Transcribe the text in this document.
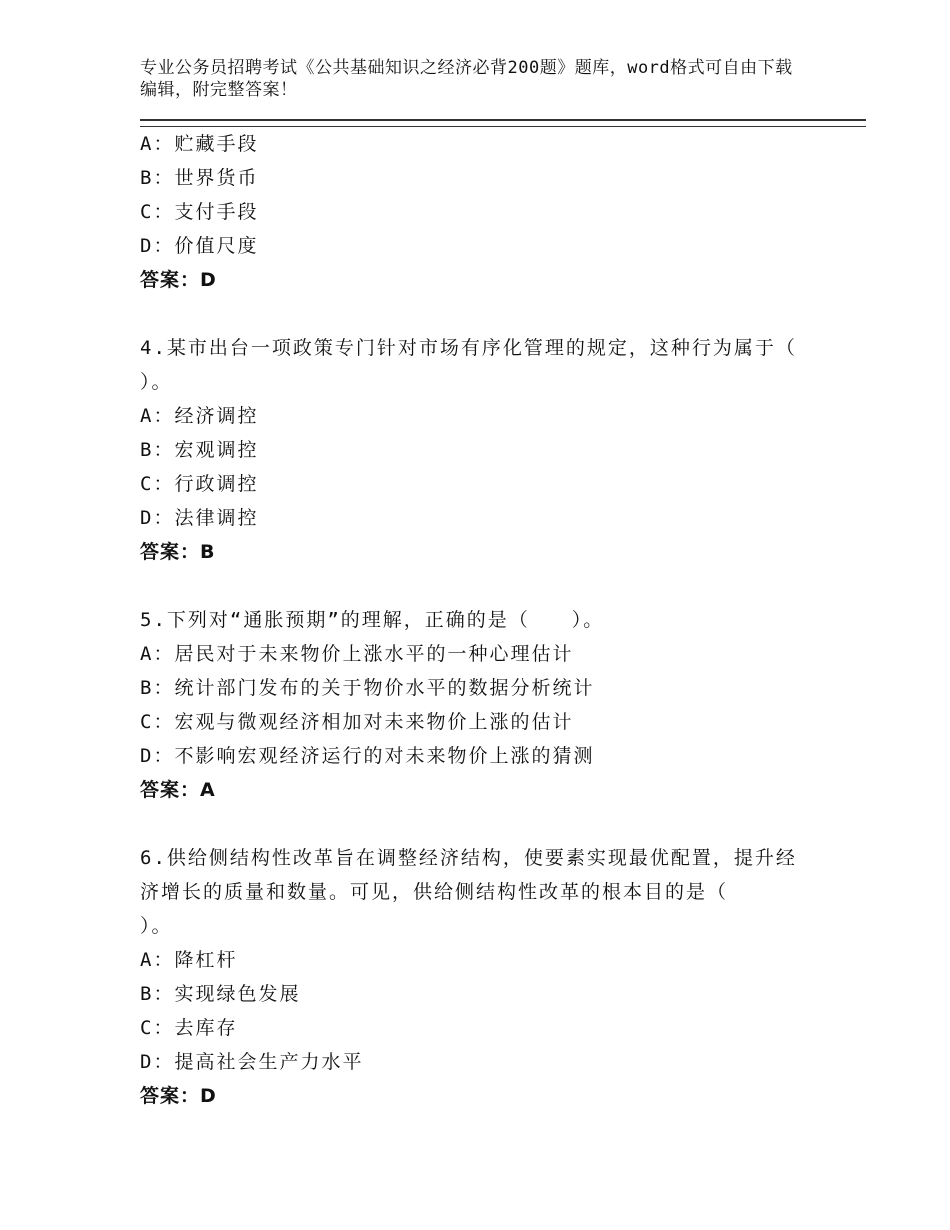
专业公务员招聘考试《公共基础知识之经济必背200题》题库，word格式可自由下载编辑，附完整答案！
A：贮藏手段
B：世界货币
C：支付手段
D：价值尺度
答案：D
4.某市出台一项政策专门针对市场有序化管理的规定，这种行为属于（　　）。
A：经济调控
B：宏观调控
C：行政调控
D：法律调控
答案：B
5.下列对“通胀预期”的理解，正确的是（　　）。
A：居民对于未来物价上涨水平的一种心理估计
B：统计部门发布的关于物价水平的数据分析统计
C：宏观与微观经济相加对未来物价上涨的估计
D：不影响宏观经济运行的对未来物价上涨的猜测
答案：A
6.供给侧结构性改革旨在调整经济结构，使要素实现最优配置，提升经济增长的质量和数量。可见，供给侧结构性改革的根本目的是（　　）。
A：降杠杆
B：实现绿色发展
C：去库存
D：提高社会生产力水平
答案：D
